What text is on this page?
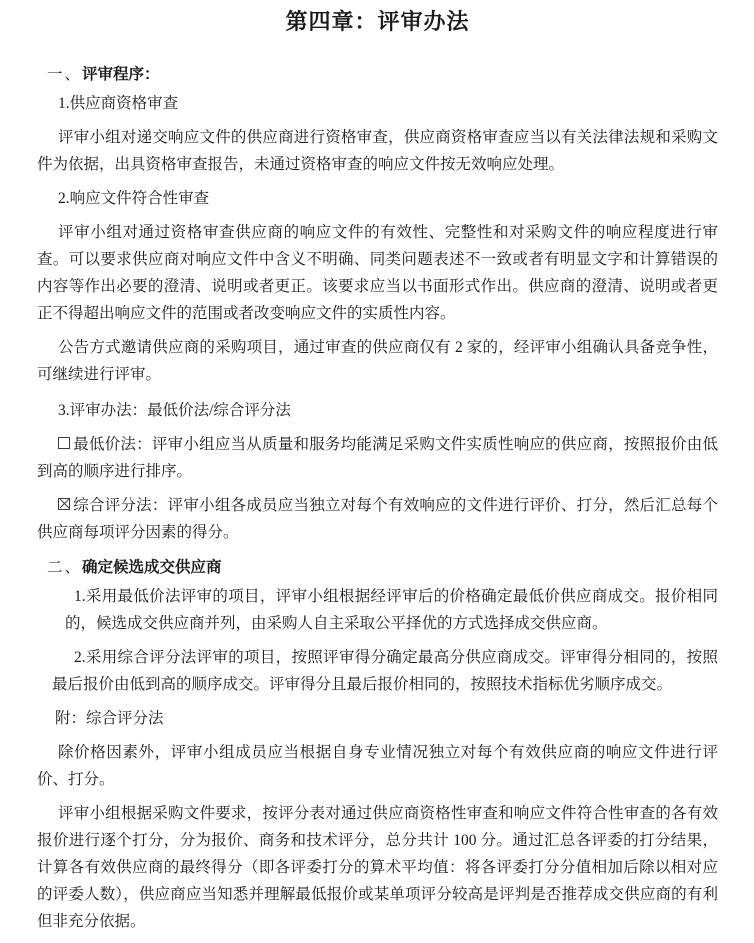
第四章：评审办法
一、评审程序：

1.供应商资格审查

评审小组对递交响应文件的供应商进行资格审查，供应商资格审查应当以有关法律法规和采购文件为依据，出具资格审查报告，未通过资格审查的响应文件按无效响应处理。

2.响应文件符合性审查

评审小组对通过资格审查供应商的响应文件的有效性、完整性和对采购文件的响应程度进行审查。可以要求供应商对响应文件中含义不明确、同类问题表述不一致或者有明显文字和计算错误的内容等作出必要的澄清、说明或者更正。该要求应当以书面形式作出。供应商的澄清、说明或者更正不得超出响应文件的范围或者改变响应文件的实质性内容。

公告方式邀请供应商的采购项目，通过审查的供应商仅有 2 家的，经评审小组确认具备竞争性，可继续进行评审。

3.评审办法：最低价法/综合评分法

最低价法：评审小组应当从质量和服务均能满足采购文件实质性响应的供应商，按照报价由低到高的顺序进行排序。

综合评分法：评审小组各成员应当独立对每个有效响应的文件进行评价、打分，然后汇总每个供应商每项评分因素的得分。

二、确定候选成交供应商

1.采用最低价法评审的项目，评审小组根据经评审后的价格确定最低价供应商成交。报价相同的，候选成交供应商并列，由采购人自主采取公平择优的方式选择成交供应商。

2.采用综合评分法评审的项目，按照评审得分确定最高分供应商成交。评审得分相同的，按照最后报价由低到高的顺序成交。评审得分且最后报价相同的，按照技术指标优劣顺序成交。

附：综合评分法

除价格因素外，评审小组成员应当根据自身专业情况独立对每个有效供应商的响应文件进行评价、打分。

评审小组根据采购文件要求，按评分表对通过供应商资格性审查和响应文件符合性审查的各有效报价进行逐个打分，分为报价、商务和技术评分，总分共计 100 分。通过汇总各评委的打分结果，计算各有效供应商的最终得分（即各评委打分的算术平均值：将各评委打分分值相加后除以相对应的评委人数），供应商应当知悉并理解最低报价或某单项评分较高是评判是否推荐成交供应商的有利但非充分依据。
